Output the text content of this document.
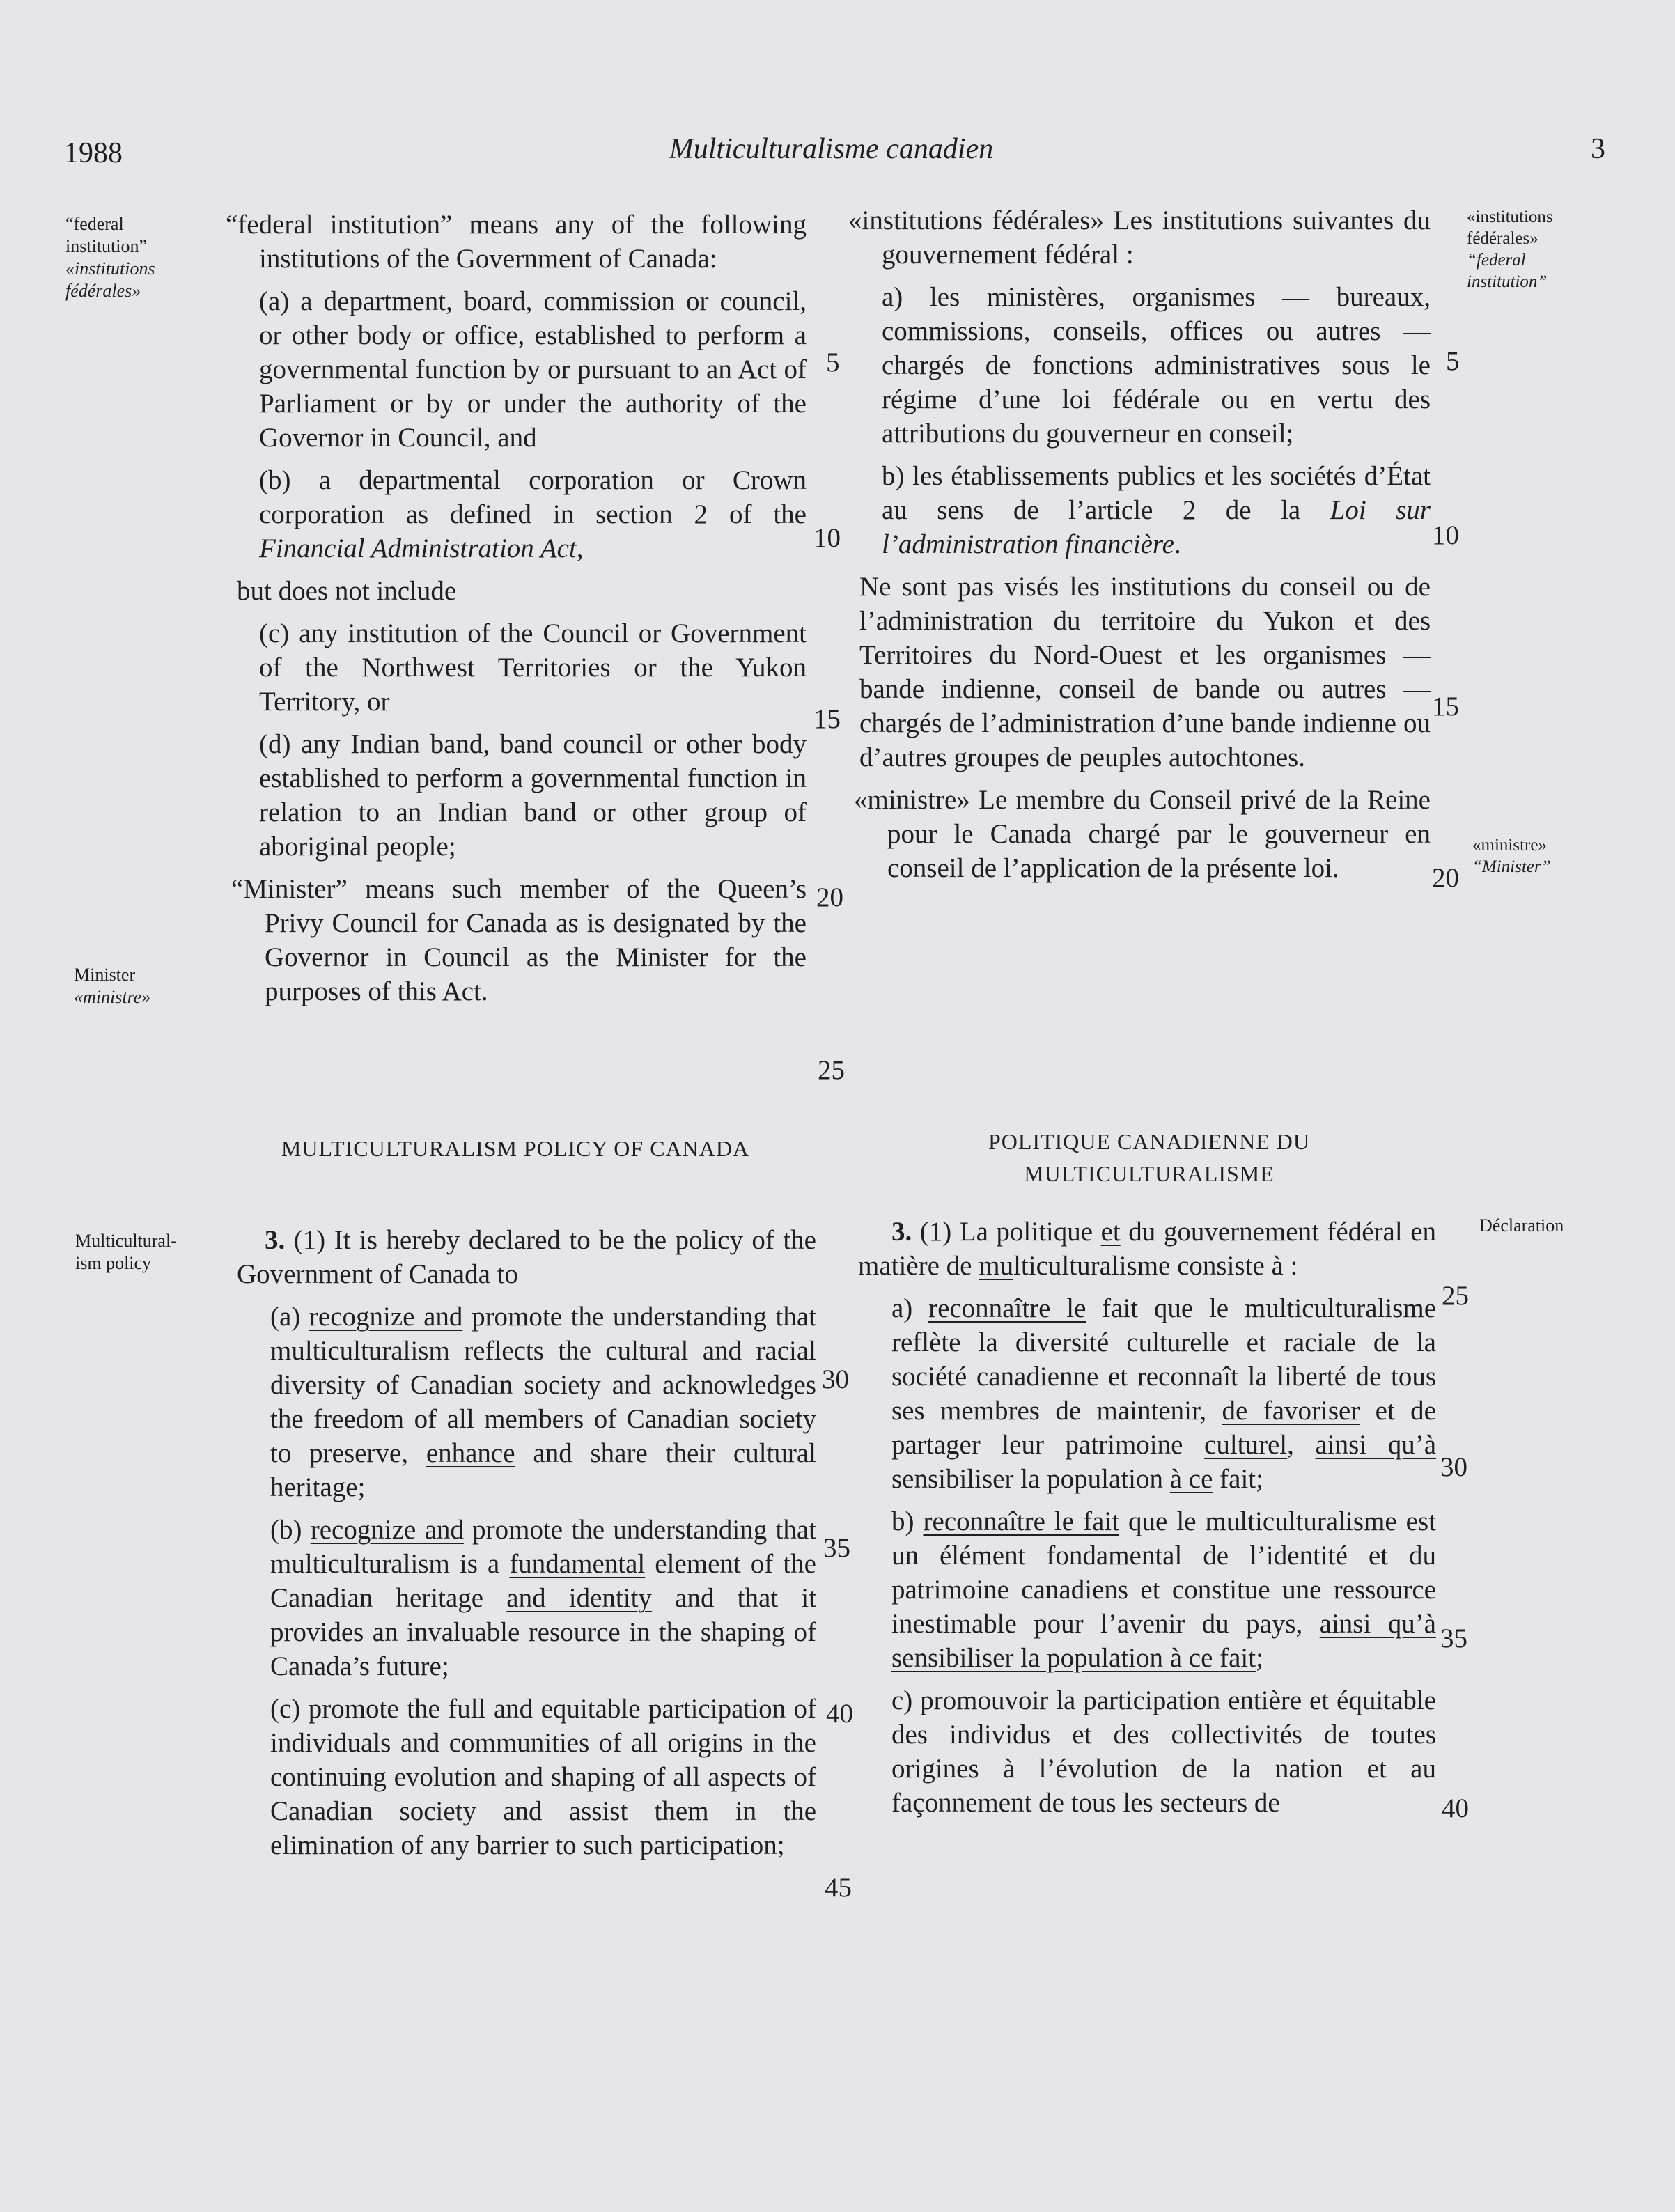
1988	Multiculturalisme canadien	3
“federal
institution”
«institutions
fédérales»
Minister
«ministre»
Multicultural-
ism policy
«institutions
fédérales»
“federal
institution”
«ministre»
“Minister”
Déclaration

“federal institution” means any of the following institutions of the Government of Canada:

(a) a department, board, commission or council, or other body or office, established to perform a governmental function by or pursuant to an Act of Parliament or by or under the authority of the Governor in Council, and

(b) a departmental corporation or Crown corporation as defined in section 2 of the Financial Administration Act,

but does not include

(c) any institution of the Council or Government of the Northwest Territories or the Yukon Territory, or

(d) any Indian band, band council or other body established to perform a governmental function in relation to an Indian band or other group of aboriginal people;

“Minister” means such member of the Queen’s Privy Council for Canada as is designated by the Governor in Council as the Minister for the purposes of this Act.

«institutions fédérales» Les institutions suivantes du gouvernement fédéral :

a) les ministères, organismes — bureaux, commissions, conseils, offices ou autres — chargés de fonctions administratives sous le régime d’une loi fédérale ou en vertu des attributions du gouverneur en conseil;

b) les établissements publics et les sociétés d’État au sens de l’article 2 de la Loi sur l’administration financière.

Ne sont pas visés les institutions du conseil ou de l’administration du territoire du Yukon et des Territoires du Nord-Ouest et les organismes — bande indienne, conseil de bande ou autres — chargés de l’administration d’une bande indienne ou d’autres groupes de peuples autochtones.

«ministre» Le membre du Conseil privé de la Reine pour le Canada chargé par le gouverneur en conseil de l’application de la présente loi.

MULTICULTURALISM POLICY OF CANADA	POLITIQUE CANADIENNE DU
MULTICULTURALISME

3. (1) It is hereby declared to be the policy of the Government of Canada to

(a) recognize and promote the understanding that multiculturalism reflects the cultural and racial diversity of Canadian society and acknowledges the freedom of all members of Canadian society to preserve, enhance and share their cultural heritage;

(b) recognize and promote the understanding that multiculturalism is a fundamental element of the Canadian heritage and identity and that it provides an invaluable resource in the shaping of Canada’s future;

(c) promote the full and equitable participation of individuals and communities of all origins in the continuing evolution and shaping of all aspects of Canadian society and assist them in the elimination of any barrier to such participation;

3. (1) La politique et du gouvernement fédéral en matière de multiculturalisme consiste à :

a) reconnaître le fait que le multiculturalisme reflète la diversité culturelle et raciale de la société canadienne et reconnaît la liberté de tous ses membres de maintenir, de favoriser et de partager leur patrimoine culturel, ainsi qu’à sensibiliser la population à ce fait;

b) reconnaître le fait que le multiculturalisme est un élément fondamental de l’identité et du patrimoine canadiens et constitue une ressource inestimable pour l’avenir du pays, ainsi qu’à sensibiliser la population à ce fait;

c) promouvoir la participation entière et équitable des individus et des collectivités de toutes origines à l’évolution de la nation et au façonnement de tous les secteurs de

5
10
15
20
25
30
35
40
45
5
10
15
20
25
30
35
40
